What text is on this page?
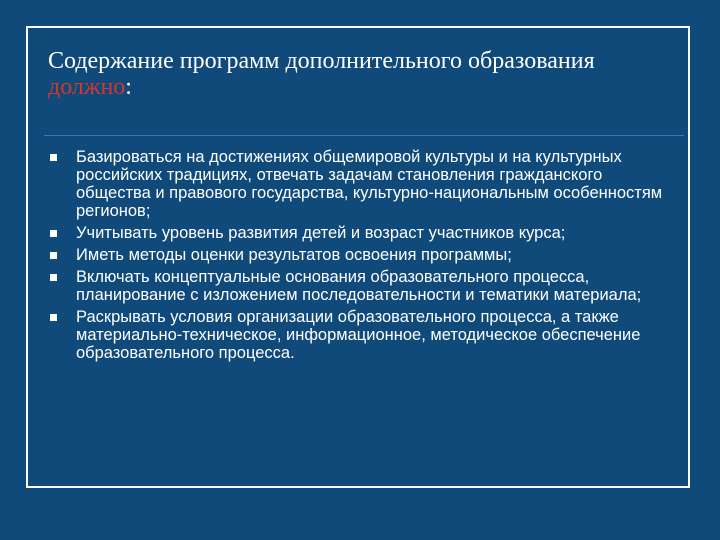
Содержание программ дополнительного образования должно:
Базироваться на достижениях общемировой культуры и на культурных российских традициях, отвечать задачам становления гражданского общества и правового государства, культурно-национальным особенностям регионов;
Учитывать уровень развития детей и возраст участников курса;
Иметь методы оценки результатов освоения программы;
Включать концептуальные основания образовательного процесса, планирование с изложением последовательности и тематики материала;
Раскрывать условия организации образовательного процесса, а также материально-техническое, информационное, методическое обеспечение образовательного процесса.
